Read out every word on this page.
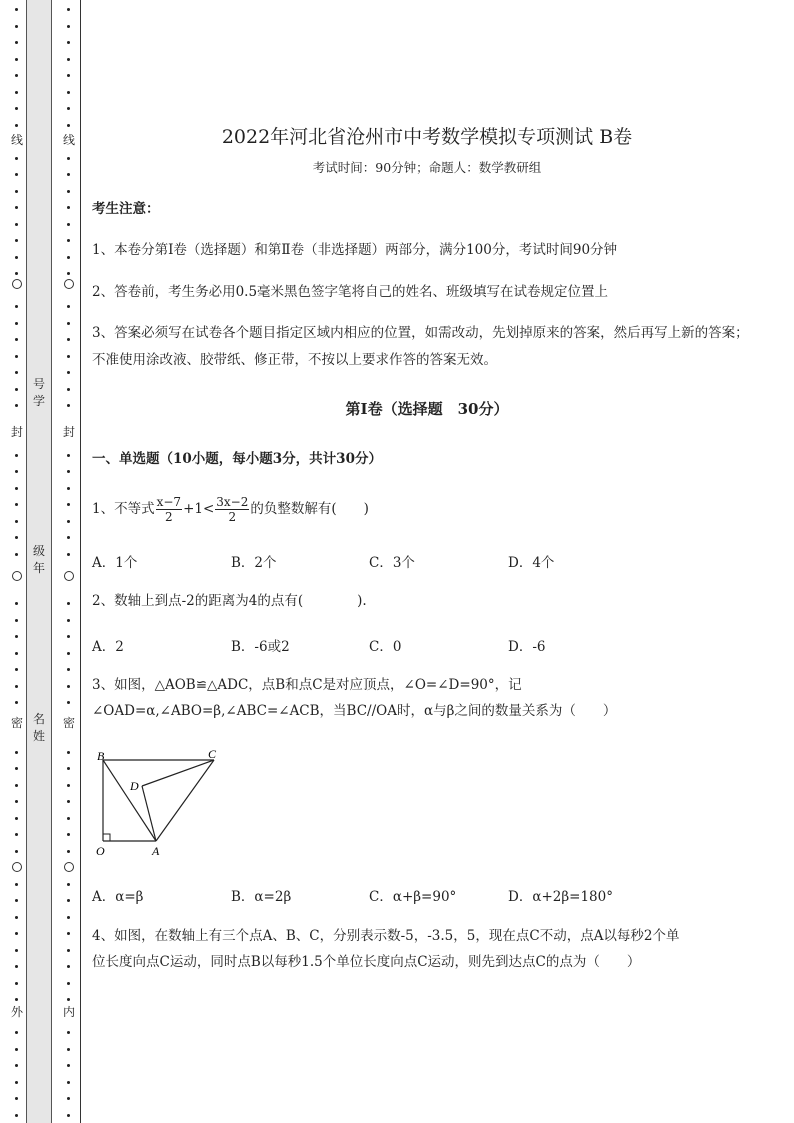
线
封
密
外
线
封
密
内
号学
级年
名姓
2022年河北省沧州市中考数学模拟专项测试 B卷
考试时间：90分钟；命题人：数学教研组
考生注意：
1、本卷分第I卷（选择题）和第Ⅱ卷（非选择题）两部分，满分100分，考试时间90分钟
2、答卷前，考生务必用0.5毫米黑色签字笔将自己的姓名、班级填写在试卷规定位置上
3、答案必须写在试卷各个题目指定区域内相应的位置，如需改动，先划掉原来的答案，然后再写上新的答案；不准使用涂改液、胶带纸、修正带，不按以上要求作答的答案无效。
第Ⅰ卷（选择题　30分）
一、单选题（10小题，每小题3分，共计30分）
1、不等式 $\frac{x-7}{2} +1< \frac{3x-2}{2}$ 的负整数解有(　　)
A．1个	B．2个	C．3个	D．4个
2、数轴上到点-2的距离为4的点有(　　　　).
A．2	B．-6或2	C．0	D．-6
3、如图，△AOB≌△ADC，点B和点C是对应顶点，∠O=∠D=90°，记
∠OAD=α,∠ABO=β,∠ABC=∠ACB，当BC//OA时，α与β之间的数量关系为（　　）
B	C
D
O	A
A．α=β	B．α=2β	C．α+β=90°	D．α+2β=180°
4、如图，在数轴上有三个点A、B、C，分别表示数-5，-3.5，5，现在点C不动，点A以每秒2个单
位长度向点C运动，同时点B以每秒1.5个单位长度向点C运动，则先到达点C的点为（　　）
